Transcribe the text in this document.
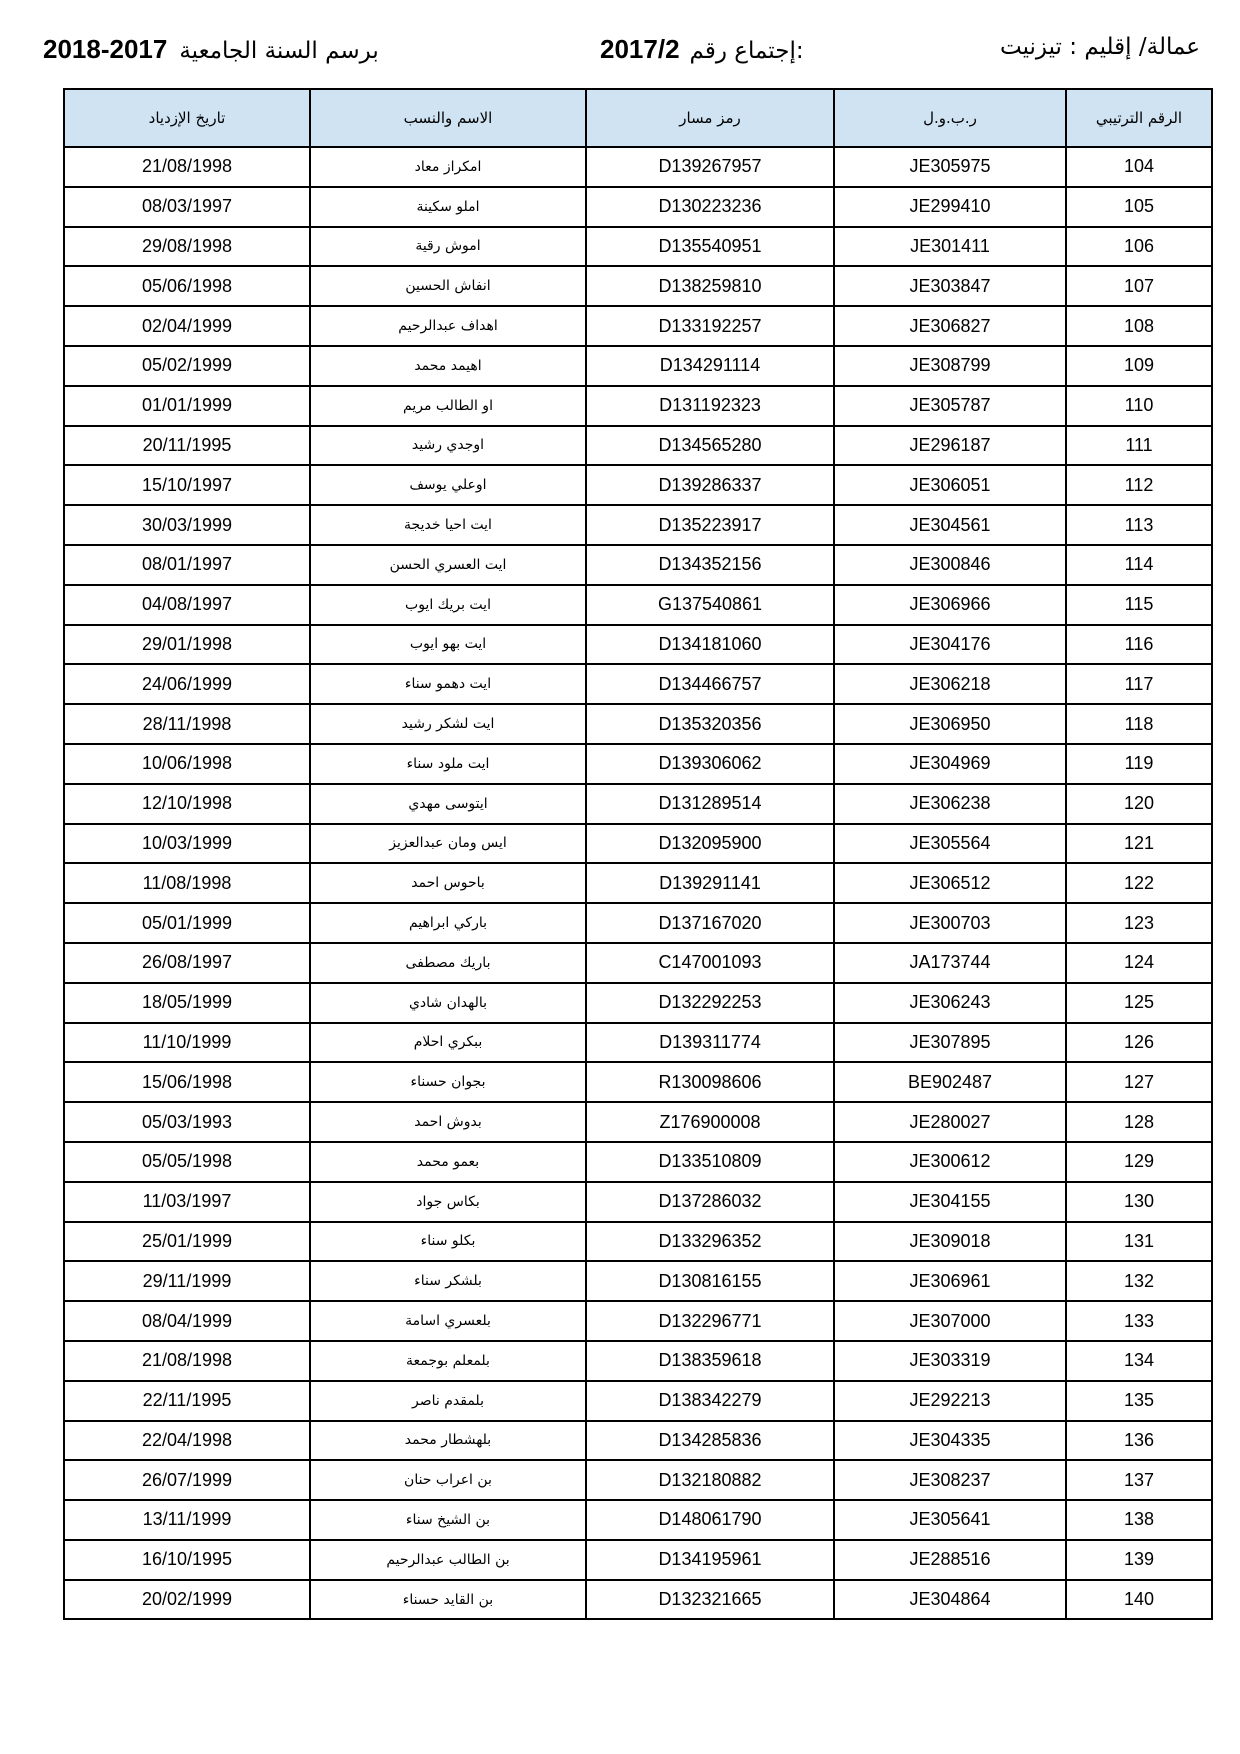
2018-2017 برسم السنة الجامعية	2017/2 إجتماع رقم:	عمالة/ إقليم : تيزنيت
الرقم الترتيبي	ر.ب.و.ل	رمز مسار	الاسم والنسب	تاريخ الإزدياد
104	JE305975	D139267957	امكراز معاد	21/08/1998
105	JE299410	D130223236	املو سكينة	08/03/1997
106	JE301411	D135540951	اموش رقية	29/08/1998
107	JE303847	D138259810	انفاش الحسين	05/06/1998
108	JE306827	D133192257	اهداف عبدالرحيم	02/04/1999
109	JE308799	D134291114	اهيمد محمد	05/02/1999
110	JE305787	D131192323	او الطالب مريم	01/01/1999
111	JE296187	D134565280	اوجدي رشيد	20/11/1995
112	JE306051	D139286337	اوعلي يوسف	15/10/1997
113	JE304561	D135223917	ايت احيا خديجة	30/03/1999
114	JE300846	D134352156	ايت العسري الحسن	08/01/1997
115	JE306966	G137540861	ايت بريك ايوب	04/08/1997
116	JE304176	D134181060	ايت بهو ايوب	29/01/1998
117	JE306218	D134466757	ايت دهمو سناء	24/06/1999
118	JE306950	D135320356	ايت لشكر رشيد	28/11/1998
119	JE304969	D139306062	ايت ملود سناء	10/06/1998
120	JE306238	D131289514	ايتوسى مهدي	12/10/1998
121	JE305564	D132095900	ايس ومان عبدالعزيز	10/03/1999
122	JE306512	D139291141	باحوس احمد	11/08/1998
123	JE300703	D137167020	باركي ابراهيم	05/01/1999
124	JA173744	C147001093	باريك مصطفى	26/08/1997
125	JE306243	D132292253	بالهدان شادي	18/05/1999
126	JE307895	D139311774	ببكري احلام	11/10/1999
127	BE902487	R130098606	بجوان حسناء	15/06/1998
128	JE280027	Z176900008	بدوش احمد	05/03/1993
129	JE300612	D133510809	بعمو محمد	05/05/1998
130	JE304155	D137286032	بكاس جواد	11/03/1997
131	JE309018	D133296352	بكلو سناء	25/01/1999
132	JE306961	D130816155	بلشكر سناء	29/11/1999
133	JE307000	D132296771	بلعسري اسامة	08/04/1999
134	JE303319	D138359618	بلمعلم بوجمعة	21/08/1998
135	JE292213	D138342279	بلمقدم ناصر	22/11/1995
136	JE304335	D134285836	بلهشطار محمد	22/04/1998
137	JE308237	D132180882	بن اعراب حنان	26/07/1999
138	JE305641	D148061790	بن الشيخ سناء	13/11/1999
139	JE288516	D134195961	بن الطالب عبدالرحيم	16/10/1995
140	JE304864	D132321665	بن القايد حسناء	20/02/1999
